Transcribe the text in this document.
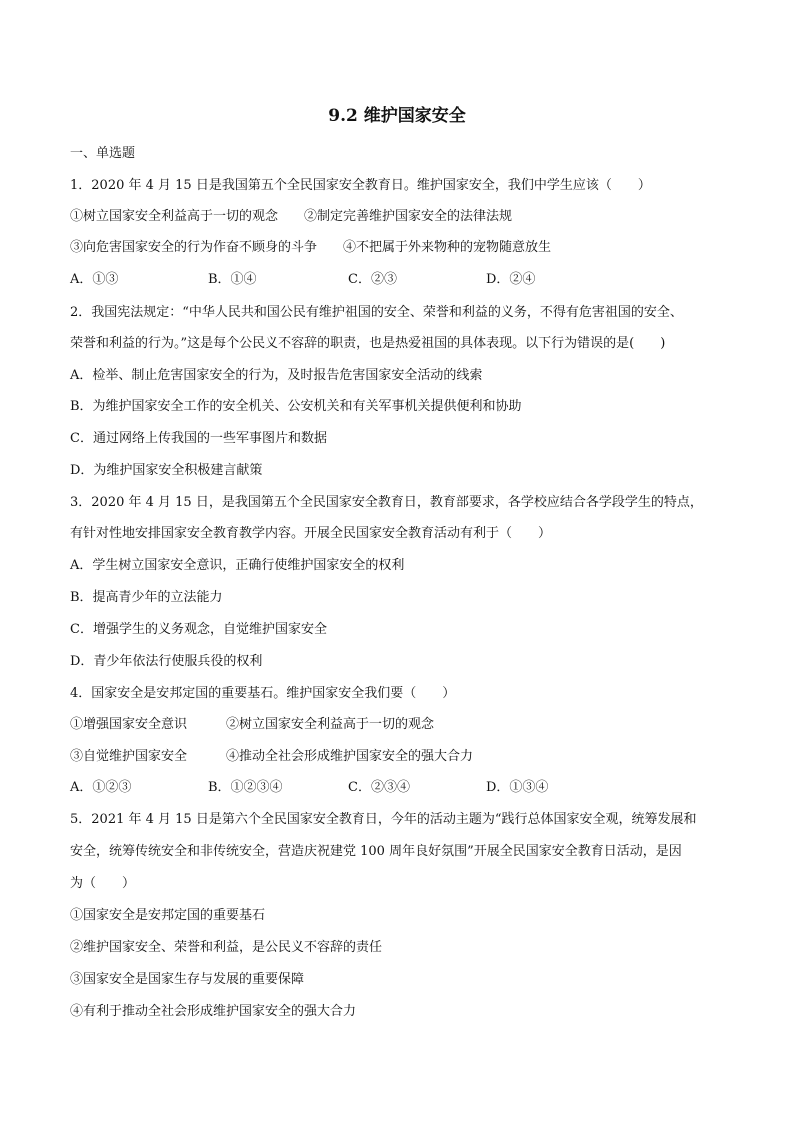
9.2 维护国家安全
一、单选题
1．2020 年 4 月 15 日是我国第五个全民国家安全教育日。维护国家安全，我们中学生应该（　　）
①树立国家安全利益高于一切的观念　　②制定完善维护国家安全的法律法规
③向危害国家安全的行为作奋不顾身的斗争　　④不把属于外来物种的宠物随意放生
A．①③	B．①④	C．②③	D．②④
2．我国宪法规定：“中华人民共和国公民有维护祖国的安全、荣誉和利益的义务，不得有危害祖国的安全、
荣誉和利益的行为。”这是每个公民义不容辞的职责，也是热爱祖国的具体表现。以下行为错误的是(　　)
A．检举、制止危害国家安全的行为，及时报告危害国家安全活动的线索
B．为维护国家安全工作的安全机关、公安机关和有关军事机关提供便利和协助
C．通过网络上传我国的一些军事图片和数据
D．为维护国家安全积极建言献策
3．2020 年 4 月 15 日，是我国第五个全民国家安全教育日，教育部要求，各学校应结合各学段学生的特点，
有针对性地安排国家安全教育教学内容。开展全民国家安全教育活动有利于（　　）
A．学生树立国家安全意识，正确行使维护国家安全的权利
B．提高青少年的立法能力
C．增强学生的义务观念，自觉维护国家安全
D．青少年依法行使服兵役的权利
4．国家安全是安邦定国的重要基石。维护国家安全我们要（　　）
①增强国家安全意识　　　②树立国家安全利益高于一切的观念
③自觉维护国家安全　　　④推动全社会形成维护国家安全的强大合力
A．①②③	B．①②③④	C．②③④	D．①③④
5．2021 年 4 月 15 日是第六个全民国家安全教育日，今年的活动主题为“践行总体国家安全观，统筹发展和
安全，统筹传统安全和非传统安全，营造庆祝建党 100 周年良好氛围”开展全民国家安全教育日活动，是因
为（　　）
①国家安全是安邦定国的重要基石
②维护国家安全、荣誉和利益，是公民义不容辞的责任
③国家安全是国家生存与发展的重要保障
④有利于推动全社会形成维护国家安全的强大合力
